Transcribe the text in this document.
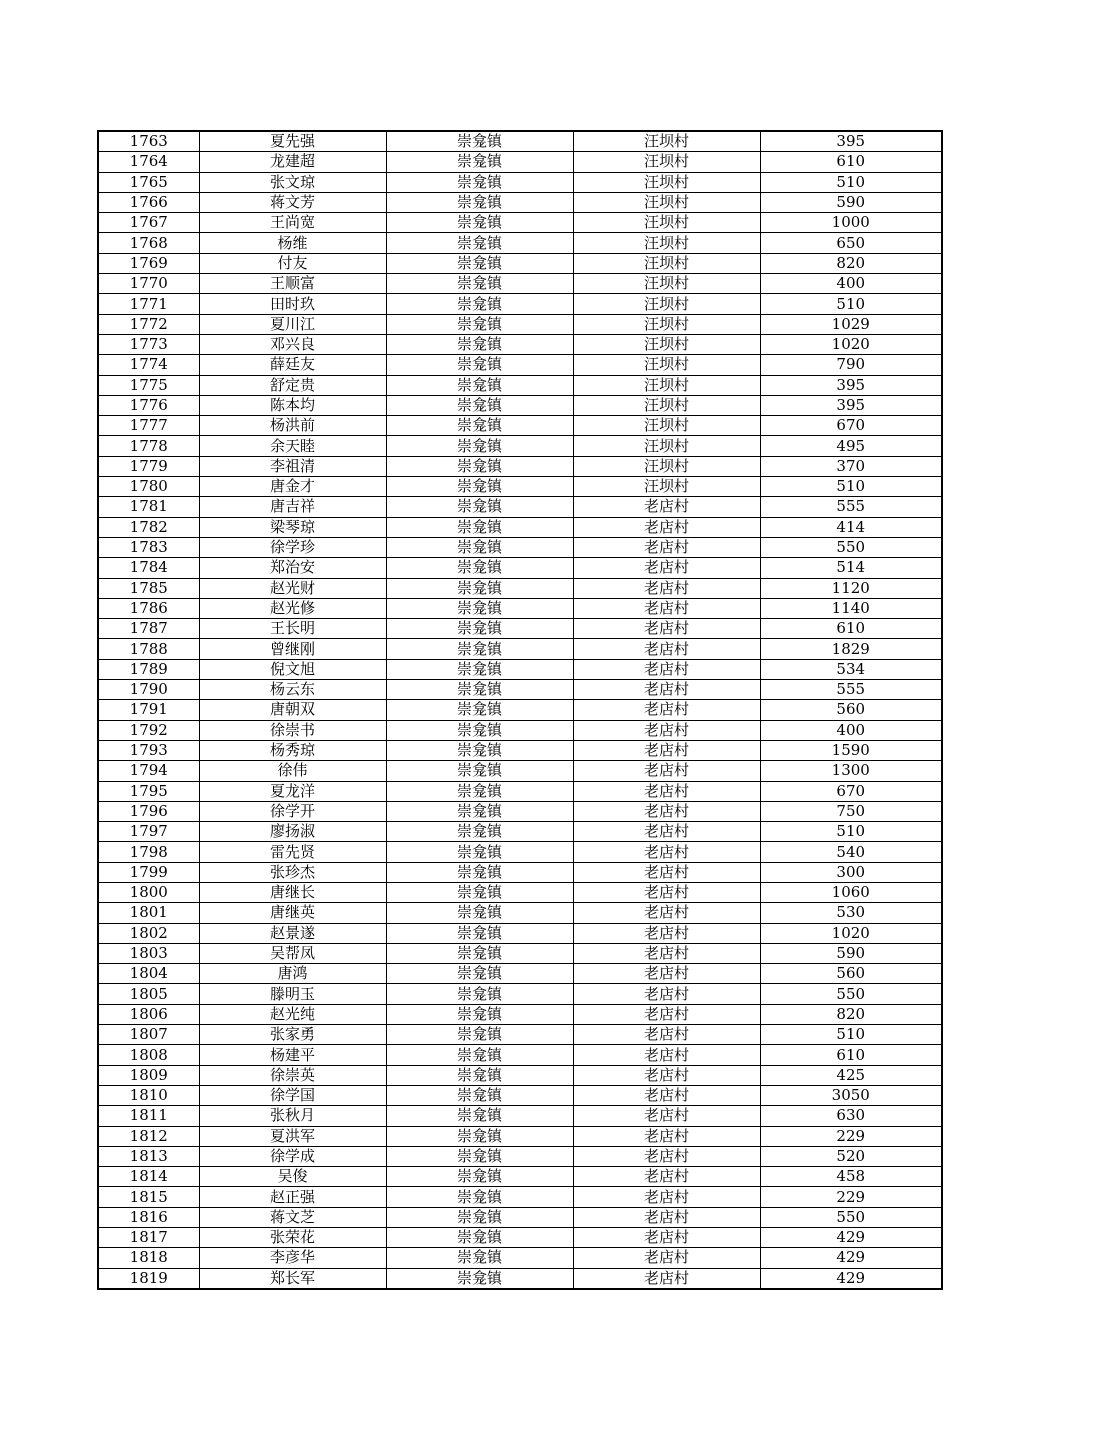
1763	夏先强	崇龛镇	汪坝村	395
1764	龙建超	崇龛镇	汪坝村	610
1765	张文琼	崇龛镇	汪坝村	510
1766	蒋文芳	崇龛镇	汪坝村	590
1767	王尚宽	崇龛镇	汪坝村	1000
1768	杨维	崇龛镇	汪坝村	650
1769	付友	崇龛镇	汪坝村	820
1770	王顺富	崇龛镇	汪坝村	400
1771	田时玖	崇龛镇	汪坝村	510
1772	夏川江	崇龛镇	汪坝村	1029
1773	邓兴良	崇龛镇	汪坝村	1020
1774	薛廷友	崇龛镇	汪坝村	790
1775	舒定贵	崇龛镇	汪坝村	395
1776	陈本均	崇龛镇	汪坝村	395
1777	杨洪前	崇龛镇	汪坝村	670
1778	余天睦	崇龛镇	汪坝村	495
1779	李祖清	崇龛镇	汪坝村	370
1780	唐金才	崇龛镇	汪坝村	510
1781	唐吉祥	崇龛镇	老店村	555
1782	梁琴琼	崇龛镇	老店村	414
1783	徐学珍	崇龛镇	老店村	550
1784	郑治安	崇龛镇	老店村	514
1785	赵光财	崇龛镇	老店村	1120
1786	赵光修	崇龛镇	老店村	1140
1787	王长明	崇龛镇	老店村	610
1788	曾继刚	崇龛镇	老店村	1829
1789	倪文旭	崇龛镇	老店村	534
1790	杨云东	崇龛镇	老店村	555
1791	唐朝双	崇龛镇	老店村	560
1792	徐崇书	崇龛镇	老店村	400
1793	杨秀琼	崇龛镇	老店村	1590
1794	徐伟	崇龛镇	老店村	1300
1795	夏龙洋	崇龛镇	老店村	670
1796	徐学开	崇龛镇	老店村	750
1797	廖扬淑	崇龛镇	老店村	510
1798	雷先贤	崇龛镇	老店村	540
1799	张珍杰	崇龛镇	老店村	300
1800	唐继长	崇龛镇	老店村	1060
1801	唐继英	崇龛镇	老店村	530
1802	赵景遂	崇龛镇	老店村	1020
1803	吴帮凤	崇龛镇	老店村	590
1804	唐鸿	崇龛镇	老店村	560
1805	滕明玉	崇龛镇	老店村	550
1806	赵光纯	崇龛镇	老店村	820
1807	张家勇	崇龛镇	老店村	510
1808	杨建平	崇龛镇	老店村	610
1809	徐崇英	崇龛镇	老店村	425
1810	徐学国	崇龛镇	老店村	3050
1811	张秋月	崇龛镇	老店村	630
1812	夏洪军	崇龛镇	老店村	229
1813	徐学成	崇龛镇	老店村	520
1814	吴俊	崇龛镇	老店村	458
1815	赵正强	崇龛镇	老店村	229
1816	蒋文芝	崇龛镇	老店村	550
1817	张荣花	崇龛镇	老店村	429
1818	李彦华	崇龛镇	老店村	429
1819	郑长军	崇龛镇	老店村	429
